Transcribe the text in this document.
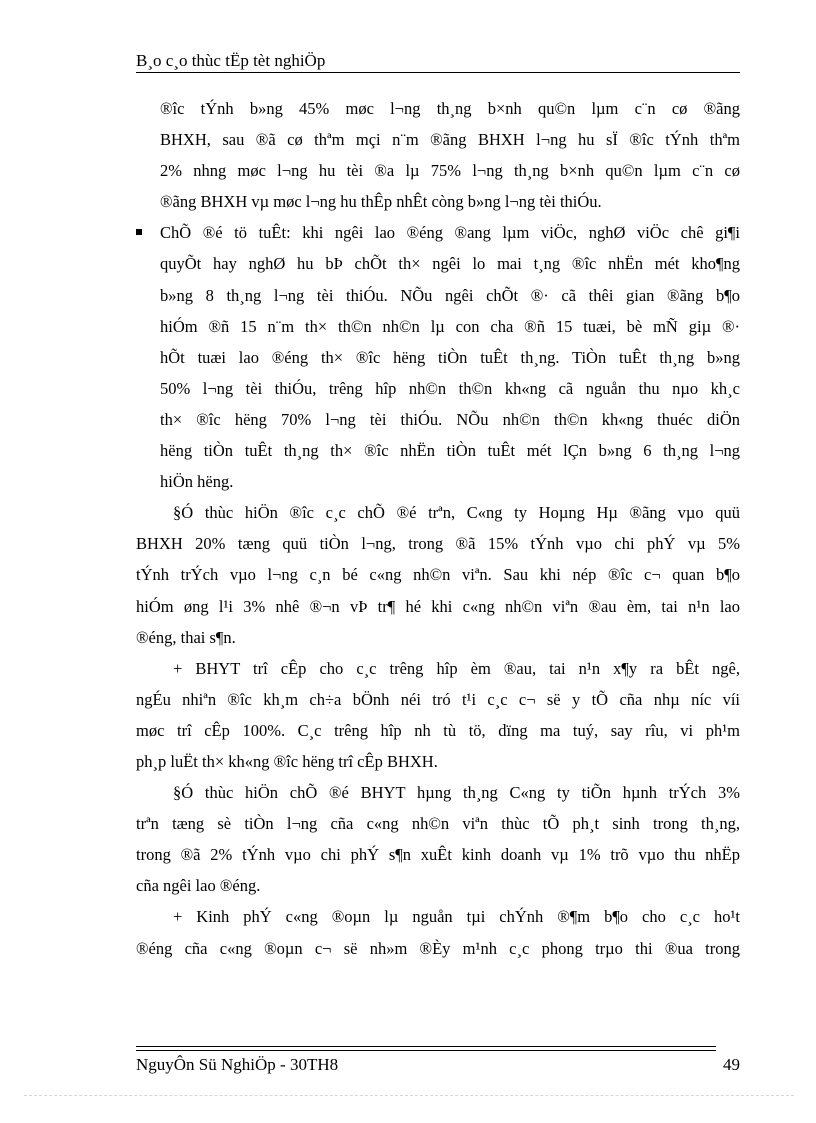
B¸o c¸o thùc tËp tèt nghiÖp
®îc tÝnh b»ng 45% møc l¬ng th¸ng b×nh qu©n lµm c¨n cø ®ãng
BHXH, sau ®ã cø thªm mçi n¨m ®ãng BHXH l¬ng hu sÏ ®îc tÝnh thªm
2% nhng møc l¬ng hu tèi ®a lµ 75% l¬ng th¸ng b×nh qu©n lµm c¨n cø
®ãng BHXH vµ møc l¬ng hu thÊp nhÊt còng b»ng l¬ng tèi thiÓu.
ChÕ ®é tö tuÊt: khi ngêi lao ®éng ®ang lµm viÖc, nghØ viÖc chê gi¶i
quyÕt hay nghØ hu bÞ chÕt th× ngêi lo mai t¸ng ®îc nhËn mét kho¶ng
b»ng 8 th¸ng l¬ng tèi thiÓu. NÕu ngêi chÕt ®· cã thêi gian ®ãng b¶o
hiÓm ®ñ 15 n¨m th× th©n nh©n lµ con cha ®ñ 15 tuæi, bè mÑ giµ ®·
hÕt tuæi lao ®éng th× ®îc hëng tiÒn tuÊt th¸ng. TiÒn tuÊt th¸ng b»ng
50% l¬ng tèi thiÓu, trêng hîp nh©n th©n kh«ng cã nguån thu nµo kh¸c
th× ®îc hëng 70% l¬ng tèi thiÓu. NÕu nh©n th©n kh«ng thuéc diÖn
hëng tiÒn tuÊt th¸ng th× ®îc nhËn tiÒn tuÊt mét lÇn b»ng 6 th¸ng l¬ng
hiÖn hëng.
§Ó thùc hiÖn ®îc c¸c chÕ ®é trªn, C«ng ty Hoµng Hµ ®ãng vµo quü
BHXH 20% tæng quü tiÒn l¬ng, trong ®ã 15% tÝnh vµo chi phÝ vµ 5%
tÝnh trÝch vµo l¬ng c¸n bé c«ng nh©n viªn. Sau khi nép ®îc c¬ quan b¶o
hiÓm øng l¹i 3% nhê ®¬n vÞ tr¶ hé khi c«ng nh©n viªn ®au èm, tai n¹n lao
®éng, thai s¶n.
+ BHYT trî cÊp cho c¸c trêng hîp èm ®au, tai n¹n x¶y ra bÊt ngê,
ngÉu nhiªn ®îc kh¸m ch÷a bÖnh néi tró t¹i c¸c c¬ së y tÕ cña nhµ níc víi
møc trî cÊp 100%. C¸c trêng hîp nh tù tö, dïng ma tuý, say rîu, vi ph¹m
ph¸p luËt th× kh«ng ®îc hëng trî cÊp BHXH.
§Ó thùc hiÖn chÕ ®é BHYT hµng th¸ng C«ng ty tiÕn hµnh trÝch 3%
trªn tæng sè tiÒn l¬ng cña c«ng nh©n viªn thùc tÕ ph¸t sinh trong th¸ng,
trong ®ã 2% tÝnh vµo chi phÝ s¶n xuÊt kinh doanh vµ 1% trõ vµo thu nhËp
cña ngêi lao ®éng.
+ Kinh phÝ c«ng ®oµn lµ nguån tµi chÝnh ®¶m b¶o cho c¸c ho¹t
®éng cña c«ng ®oµn c¬ së nh»m ®Èy m¹nh c¸c phong trµo thi ®ua trong
NguyÔn Sü NghiÖp - 30TH8	49
